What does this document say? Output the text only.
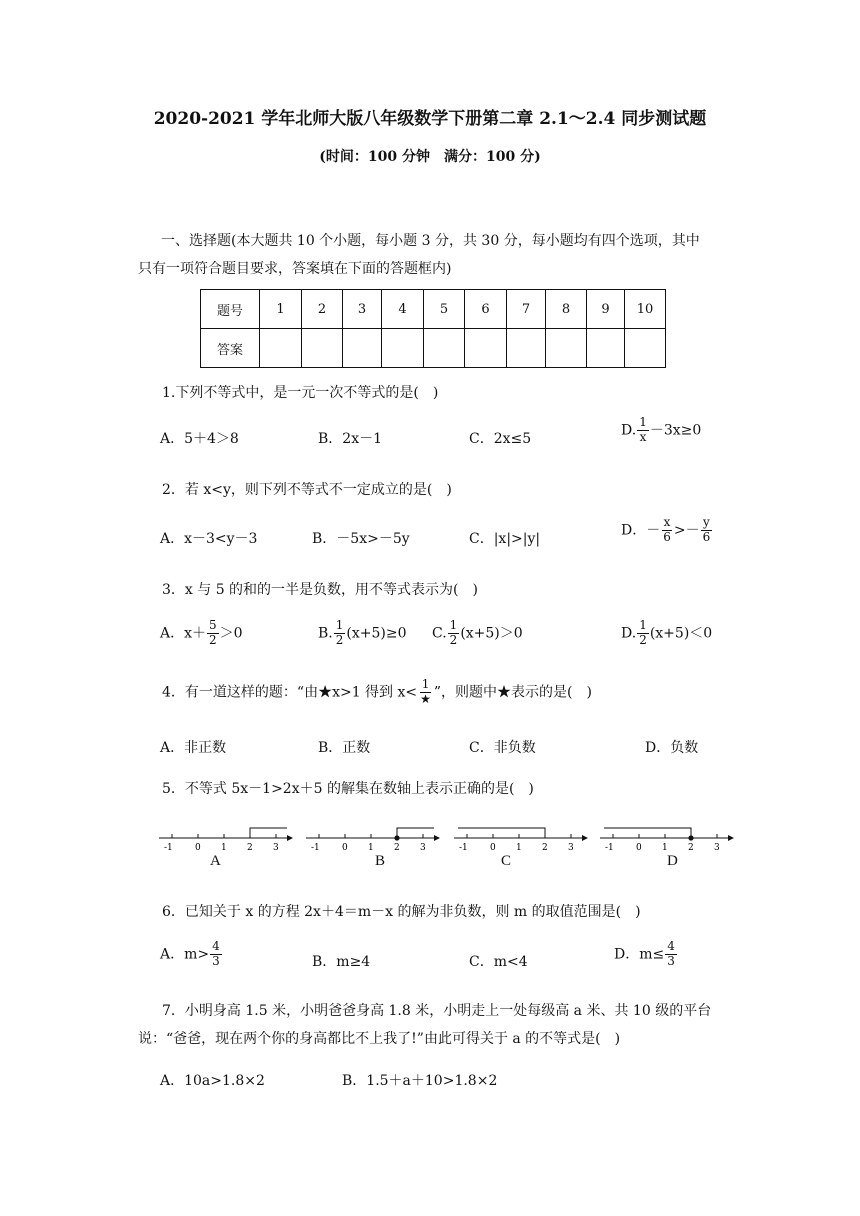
2020-2021 学年北师大版八年级数学下册第二章 2.1～2.4 同步测试题
(时间：100 分钟　满分：100 分)
一、选择题(本大题共 10 个小题，每小题 3 分，共 30 分，每小题均有四个选项，其中
只有一项符合题目要求，答案填在下面的答题框内)
题号	1	2	3	4	5	6	7	8	9	10
答案										
1.下列不等式中，是一元一次不等式的是(　)
A．5＋4＞8	B．2x－1	C．2x≤5
D. $\frac{1}{x} -3x\ge 0$
2．若 x<y，则下列不等式不一定成立的是(　)
A．x－3<y－3	B．－5x>－5y	C．|x|>|y|
D．－ $\frac{x}{6} >- \frac{y}{6}$
3．x 与 5 的和的一半是负数，用不等式表示为(　)
A．$x+ \frac{5}{2} >0$	B. $\frac{1}{2} (x+5)\ge 0$ C. $\frac{1}{2} (x+5)>0$	D. $\frac{1}{2} (x+5)<0$
4．有一道这样的题：“由★x>1 得到 $x< \frac{1}{★}$ ”，则题中★表示的是(　)
A．非正数	B．正数	C．非负数	D．负数
5．不等式 5x－1>2x＋5 的解集在数轴上表示正确的是(　)
-1 0 1 2 3
A
-1 0 1 2 3
B
-1 0 1 2 3
C
-1 0 1 2 3
D
6．已知关于 x 的方程 2x＋4＝m－x 的解为非负数，则 m 的取值范围是(　)
A．$m> \frac{4}{3}$	B．m≥4	C．m<4	D．$m\le \frac{4}{3}$
7．小明身高 1.5 米，小明爸爸身高 1.8 米，小明走上一处每级高 a 米、共 10 级的平台
说：“爸爸，现在两个你的身高都比不上我了!”由此可得关于 a 的不等式是(　)
A．10a>1.8×2	B．1.5＋a＋10>1.8×2
